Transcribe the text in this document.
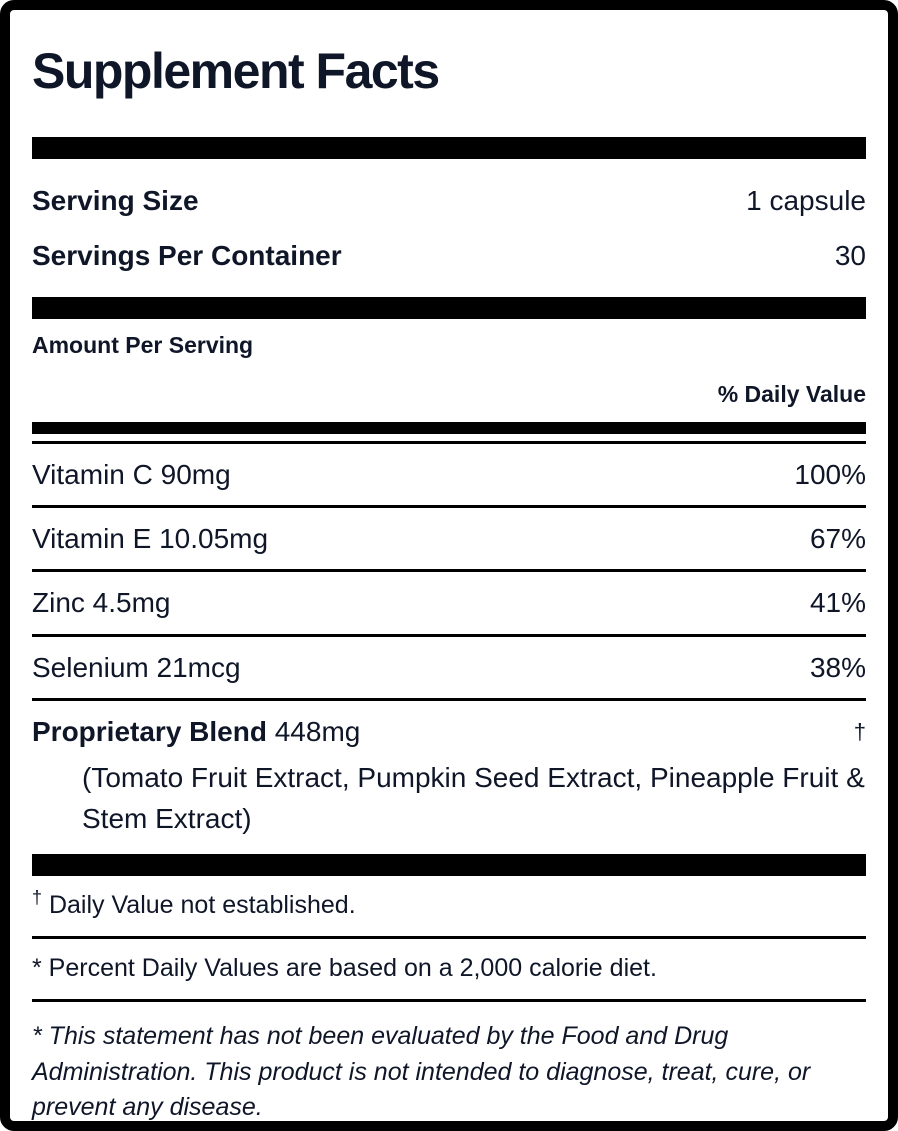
Supplement Facts
Serving Size	1 capsule
Servings Per Container	30
Amount Per Serving
% Daily Value
Vitamin C 90mg	100%
Vitamin E 10.05mg	67%
Zinc 4.5mg	41%
Selenium 21mcg	38%
Proprietary Blend 448mg	†
(Tomato Fruit Extract, Pumpkin Seed Extract, Pineapple Fruit & Stem Extract)
† Daily Value not established.
* Percent Daily Values are based on a 2,000 calorie diet.
* This statement has not been evaluated by the Food and Drug Administration. This product is not intended to diagnose, treat, cure, or prevent any disease.
